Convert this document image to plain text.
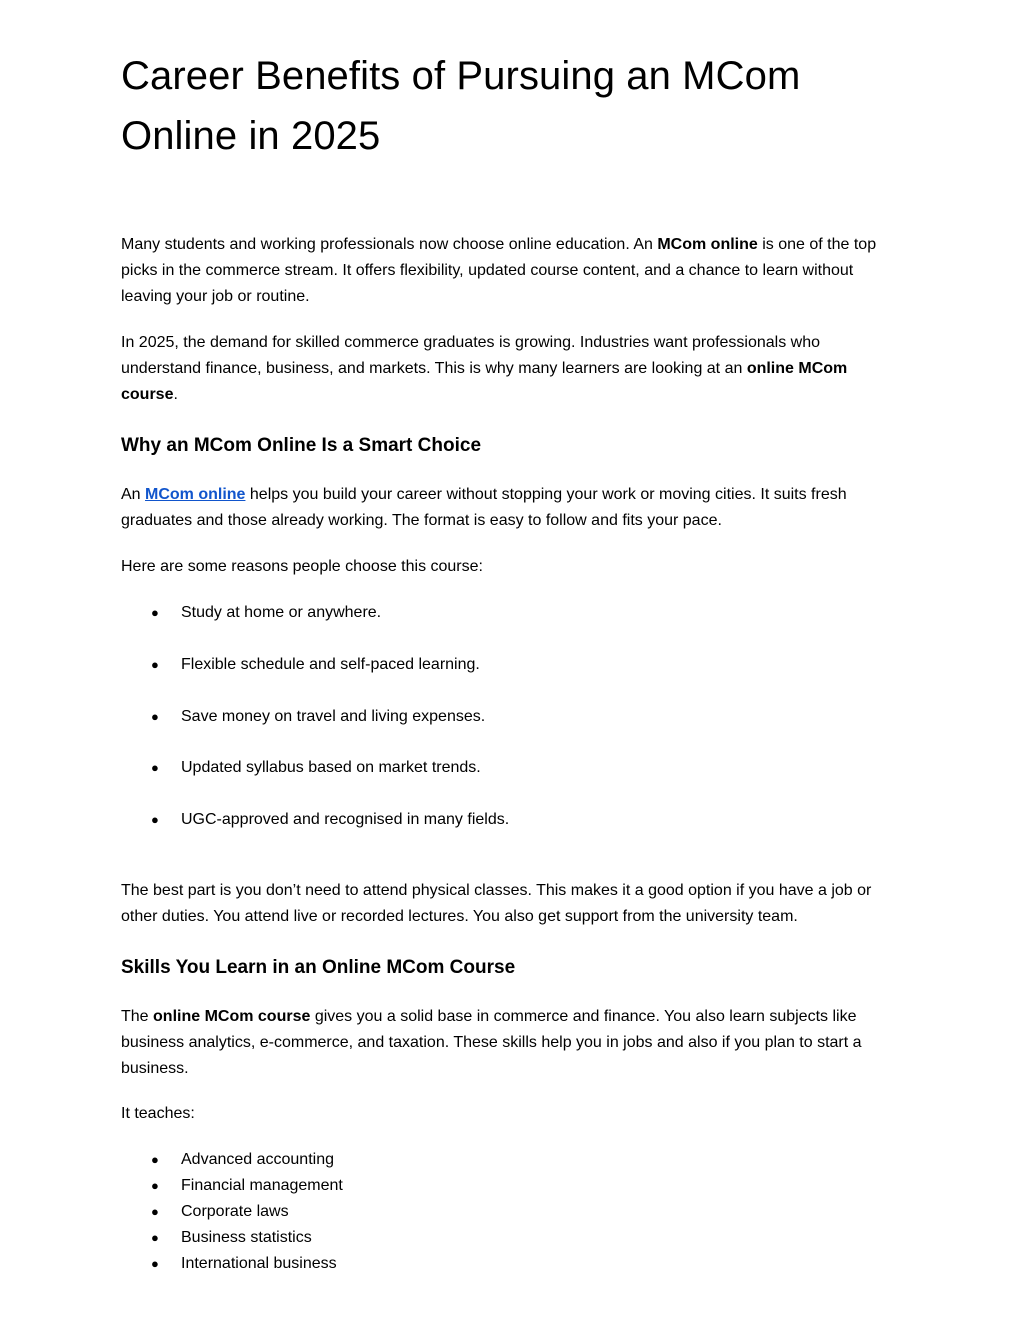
Career Benefits of Pursuing an MCom Online in 2025

Many students and working professionals now choose online education. An MCom online is one of the top picks in the commerce stream. It offers flexibility, updated course content, and a chance to learn without leaving your job or routine.

In 2025, the demand for skilled commerce graduates is growing. Industries want professionals who understand finance, business, and markets. This is why many learners are looking at an online MCom course.

Why an MCom Online Is a Smart Choice

An MCom online helps you build your career without stopping your work or moving cities. It suits fresh graduates and those already working. The format is easy to follow and fits your pace.

Here are some reasons people choose this course:

● Study at home or anywhere.
● Flexible schedule and self-paced learning.
● Save money on travel and living expenses.
● Updated syllabus based on market trends.
● UGC-approved and recognised in many fields.

The best part is you don’t need to attend physical classes. This makes it a good option if you have a job or other duties. You attend live or recorded lectures. You also get support from the university team.

Skills You Learn in an Online MCom Course

The online MCom course gives you a solid base in commerce and finance. You also learn subjects like business analytics, e-commerce, and taxation. These skills help you in jobs and also if you plan to start a business.

It teaches:

● Advanced accounting
● Financial management
● Corporate laws
● Business statistics
● International business
